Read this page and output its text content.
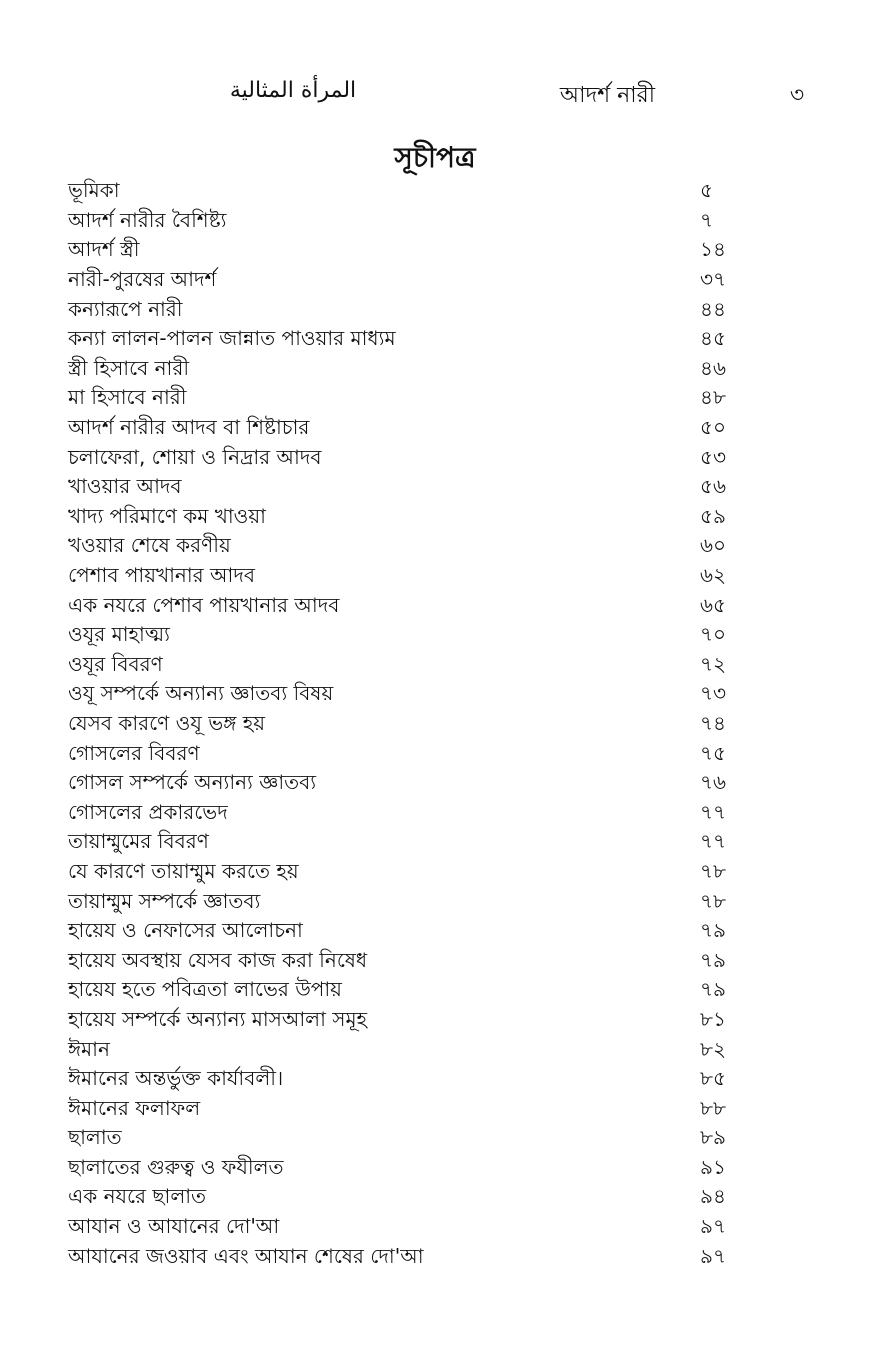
المرأة المثالية	আদর্শ নারী	৩
সূচীপত্র
ভূমিকা	৫
আদর্শ নারীর বৈশিষ্ট্য	৭
আদর্শ স্ত্রী	১৪
নারী-পুরষের আদর্শ	৩৭
কন্যারূপে নারী	৪৪
কন্যা লালন-পালন জান্নাত পাওয়ার মাধ্যম	৪৫
স্ত্রী হিসাবে নারী	৪৬
মা হিসাবে নারী	৪৮
আদর্শ নারীর আদব বা শিষ্টাচার	৫০
চলাফেরা, শোয়া ও নিদ্রার আদব	৫৩
খাওয়ার আদব	৫৬
খাদ্য পরিমাণে কম খাওয়া	৫৯
খওয়ার শেষে করণীয়	৬০
পেশাব পায়খানার আদব	৬২
এক নযরে পেশাব পায়খানার আদব	৬৫
ওযূর মাহাত্ম্য	৭০
ওযূর বিবরণ	৭২
ওযূ সম্পর্কে অন্যান্য জ্ঞাতব্য বিষয়	৭৩
যেসব কারণে ওযূ ভঙ্গ হয়	৭৪
গোসলের বিবরণ	৭৫
গোসল সম্পর্কে অন্যান্য জ্ঞাতব্য	৭৬
গোসলের প্রকারভেদ	৭৭
তায়াম্মুমের বিবরণ	৭৭
যে কারণে তায়াম্মুম করতে হয়	৭৮
তায়াম্মুম সম্পর্কে জ্ঞাতব্য	৭৮
হায়েয ও নেফাসের আলোচনা	৭৯
হায়েয অবস্থায় যেসব কাজ করা নিষেধ	৭৯
হায়েয হতে পবিত্রতা লাভের উপায়	৭৯
হায়েয সম্পর্কে অন্যান্য মাসআলা সমূহ	৮১
ঈমান	৮২
ঈমানের অন্তর্ভুক্ত কার্যাবলী।	৮৫
ঈমানের ফলাফল	৮৮
ছালাত	৮৯
ছালাতের গুরুত্ব ও ফযীলত	৯১
এক নযরে ছালাত	৯৪
আযান ও আযানের দো'আ	৯৭
আযানের জওয়াব এবং আযান শেষের দো'আ	৯৭
